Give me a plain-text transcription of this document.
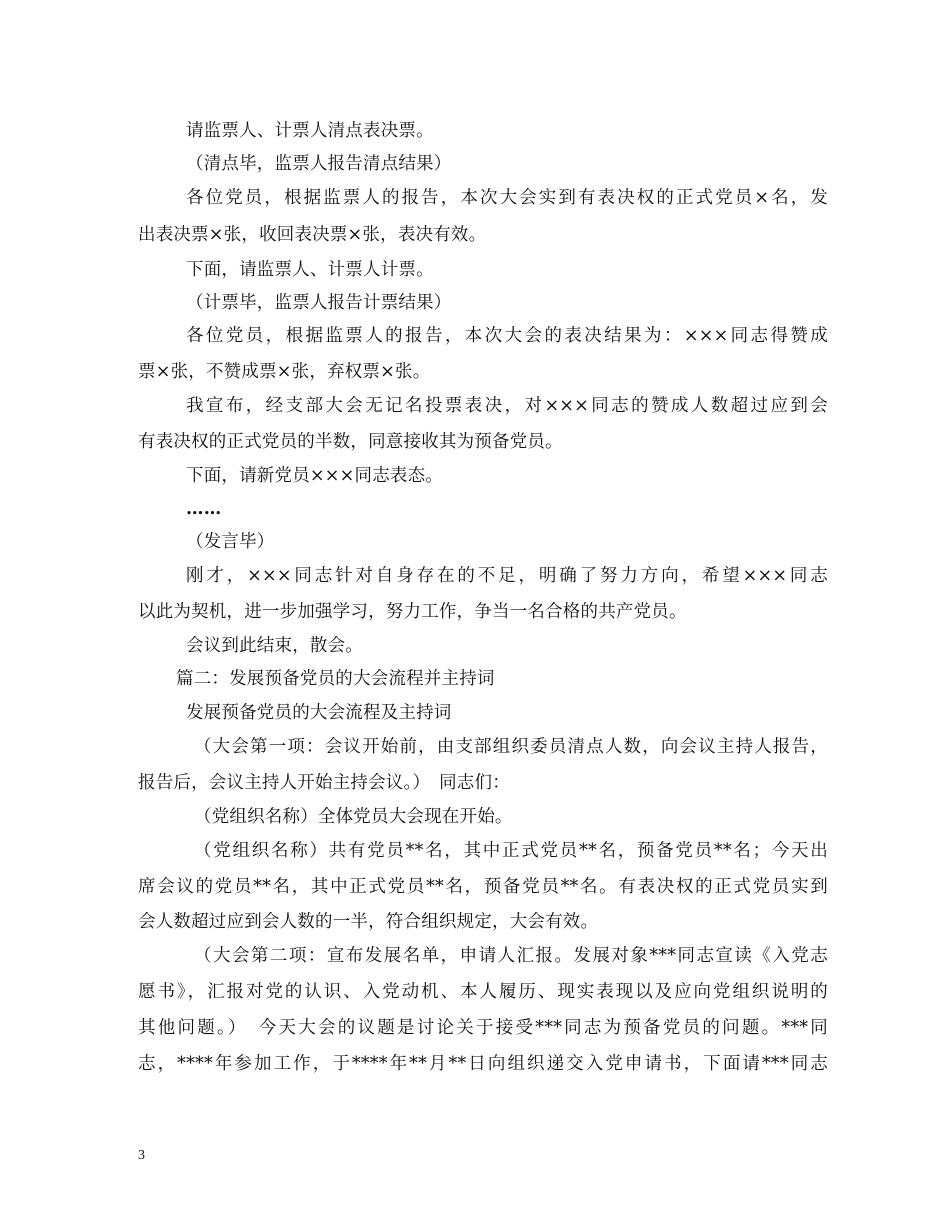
请监票人、计票人清点表决票。
（清点毕，监票人报告清点结果）
各位党员，根据监票人的报告，本次大会实到有表决权的正式党员×名，发
出表决票×张，收回表决票×张，表决有效。
下面，请监票人、计票人计票。
（计票毕，监票人报告计票结果）
各位党员，根据监票人的报告，本次大会的表决结果为：×××同志得赞成
票×张，不赞成票×张，弃权票×张。
我宣布，经支部大会无记名投票表决，对×××同志的赞成人数超过应到会
有表决权的正式党员的半数，同意接收其为预备党员。
下面，请新党员×××同志表态。
……
（发言毕）
刚才，×××同志针对自身存在的不足，明确了努力方向，希望×××同志
以此为契机，进一步加强学习，努力工作，争当一名合格的共产党员。
会议到此结束，散会。
篇二：发展预备党员的大会流程并主持词
发展预备党员的大会流程及主持词
（大会第一项：会议开始前，由支部组织委员清点人数，向会议主持人报告，
报告后，会议主持人开始主持会议。）　同志们：
（党组织名称）全体党员大会现在开始。
（党组织名称）共有党员**名，其中正式党员**名，预备党员**名；今天出
席会议的党员**名，其中正式党员**名，预备党员**名。有表决权的正式党员实到
会人数超过应到会人数的一半，符合组织规定，大会有效。
（大会第二项：宣布发展名单，申请人汇报。发展对象***同志宣读《入党志
愿书》，汇报对党的认识、入党动机、本人履历、现实表现以及应向党组织说明的
其他问题。）　今天大会的议题是讨论关于接受***同志为预备党员的问题。***同
志，****年参加工作，于****年**月**日向组织递交入党申请书，下面请***同志
3
